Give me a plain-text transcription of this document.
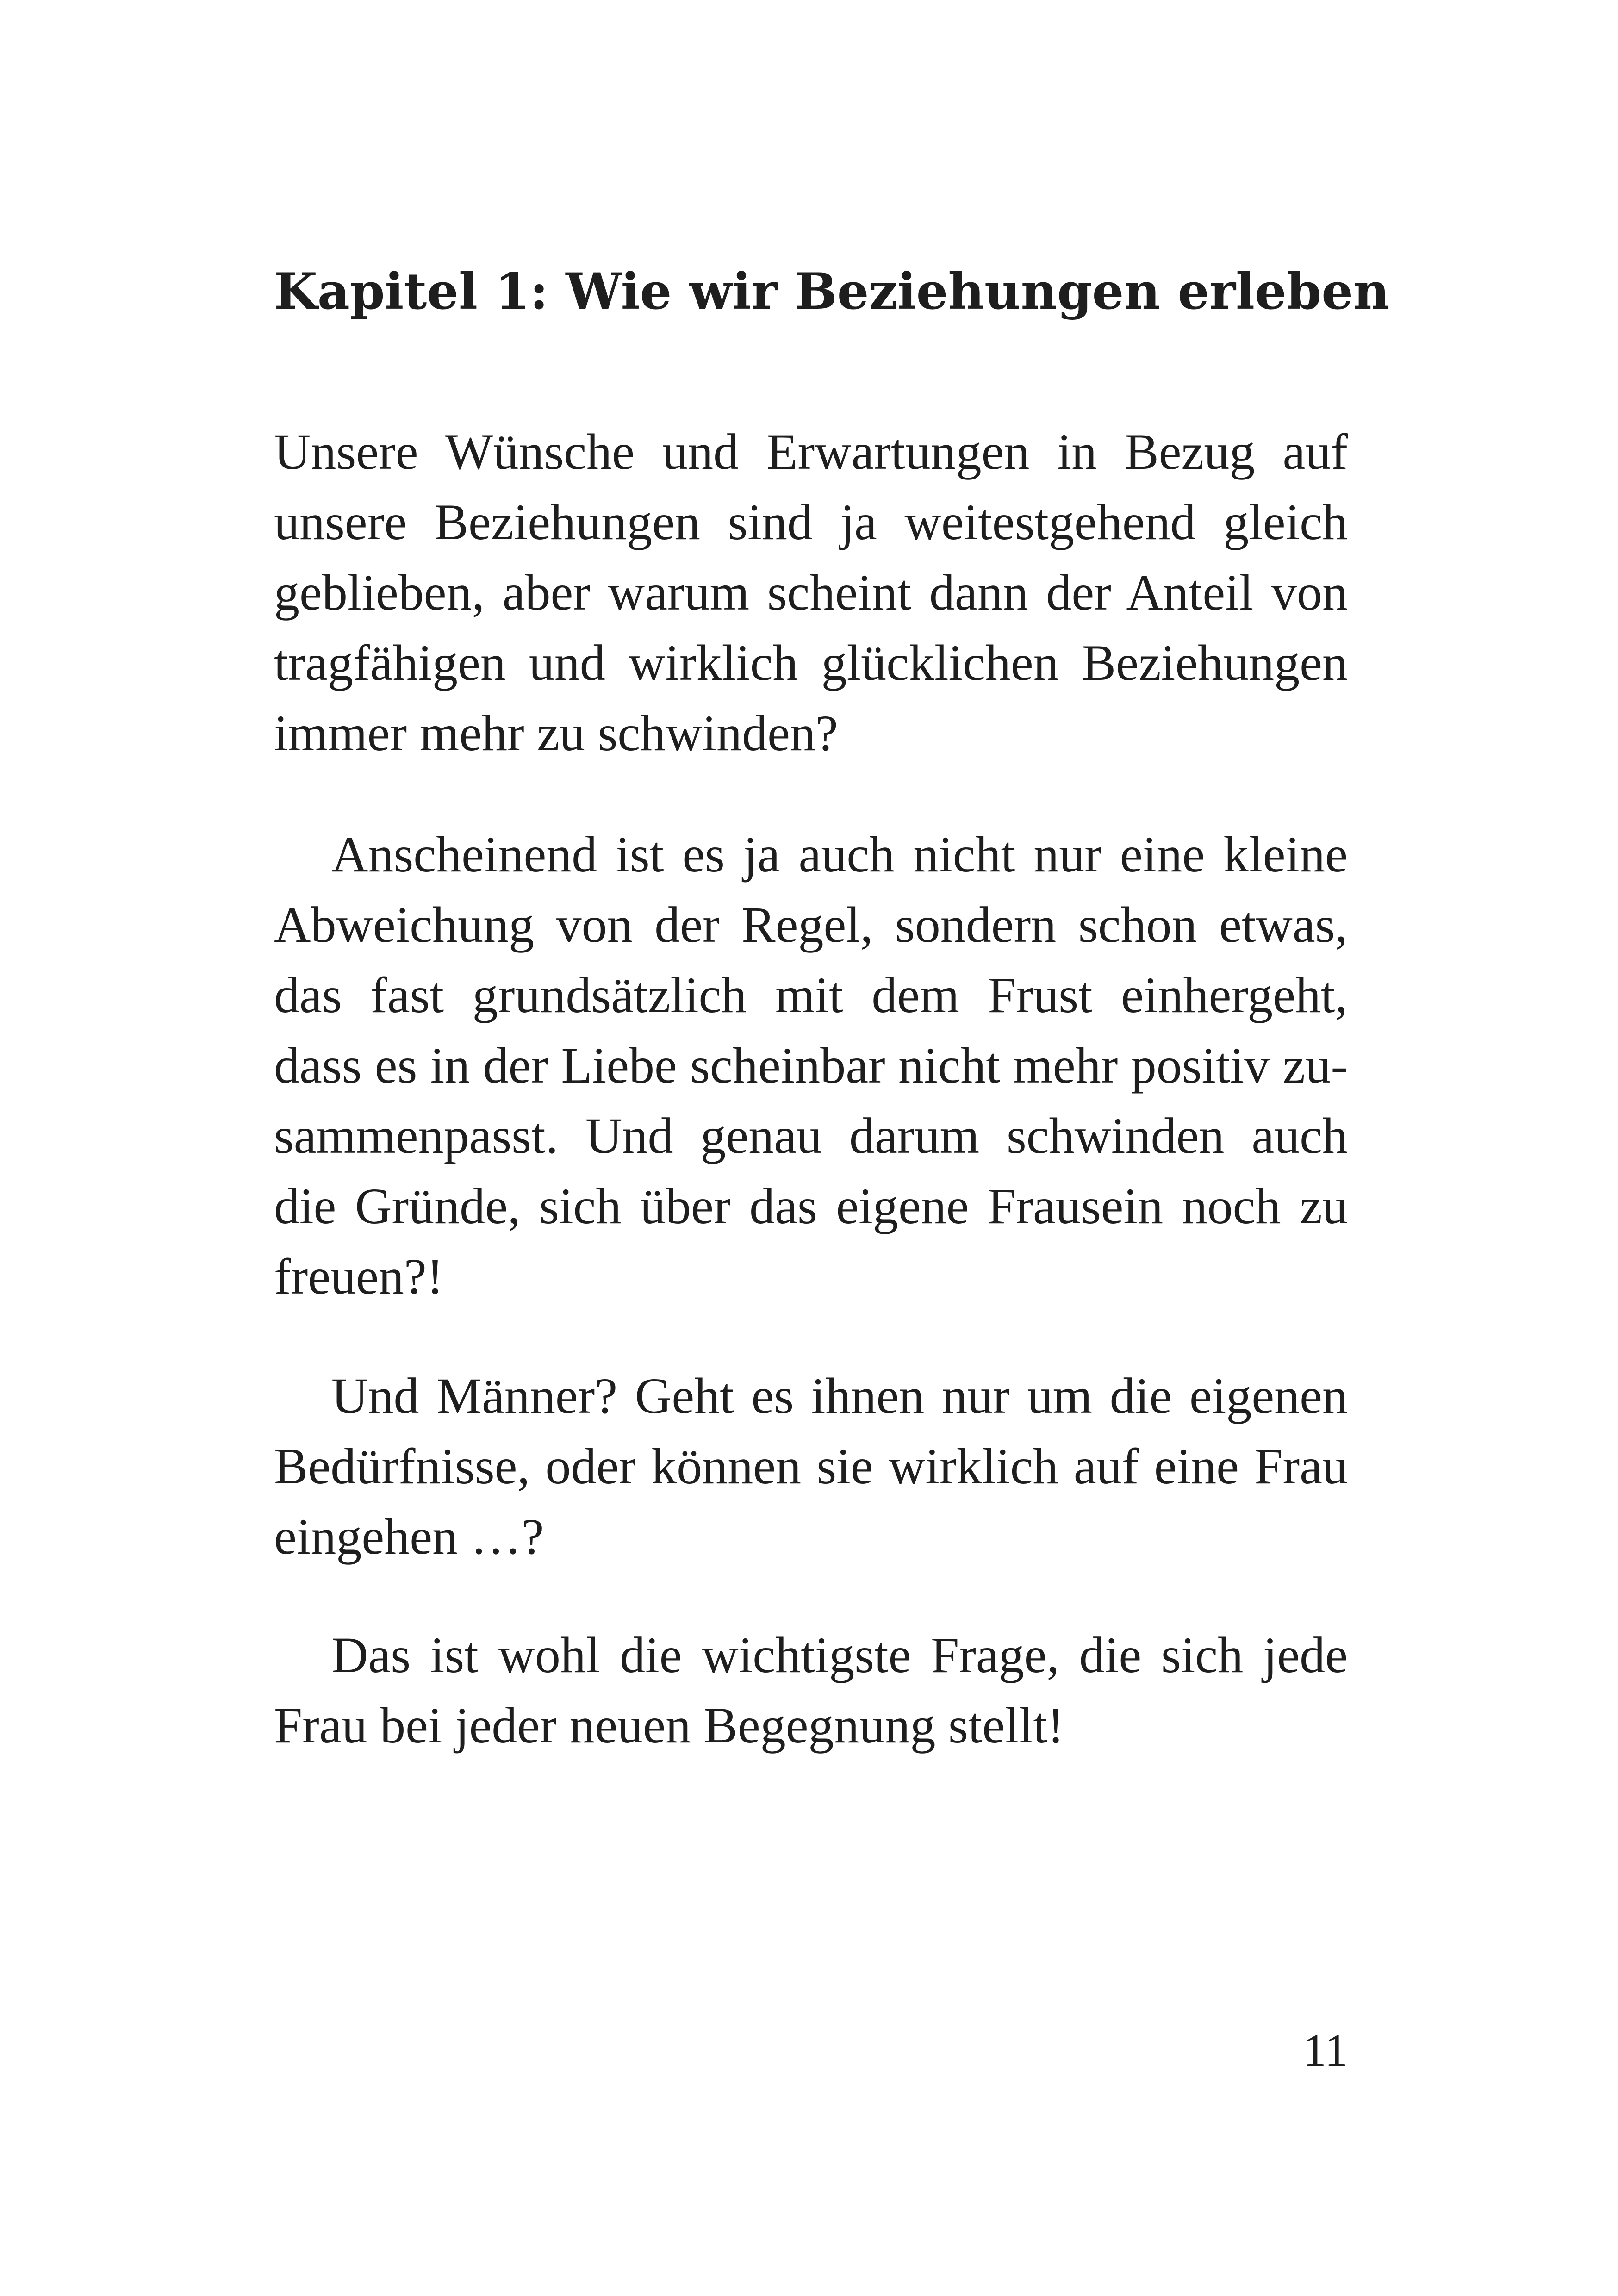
Kapitel 1: Wie wir Beziehungen erleben

Unsere Wünsche und Erwartungen in Bezug auf unsere Beziehungen sind ja weitestgehend gleich geblieben, aber warum scheint dann der Anteil von tragfähigen und wirklich glücklichen Beziehungen immer mehr zu schwinden?

Anscheinend ist es ja auch nicht nur eine kleine Abweichung von der Regel, sondern schon etwas, das fast grundsätzlich mit dem Frust einhergeht, dass es in der Liebe scheinbar nicht mehr positiv zusammenpasst. Und genau darum schwinden auch die Gründe, sich über das eigene Frausein noch zu freuen?!

Und Männer? Geht es ihnen nur um die eigenen Bedürfnisse, oder können sie wirklich auf eine Frau eingehen …?

Das ist wohl die wichtigste Frage, die sich jede Frau bei jeder neuen Begegnung stellt!

11
